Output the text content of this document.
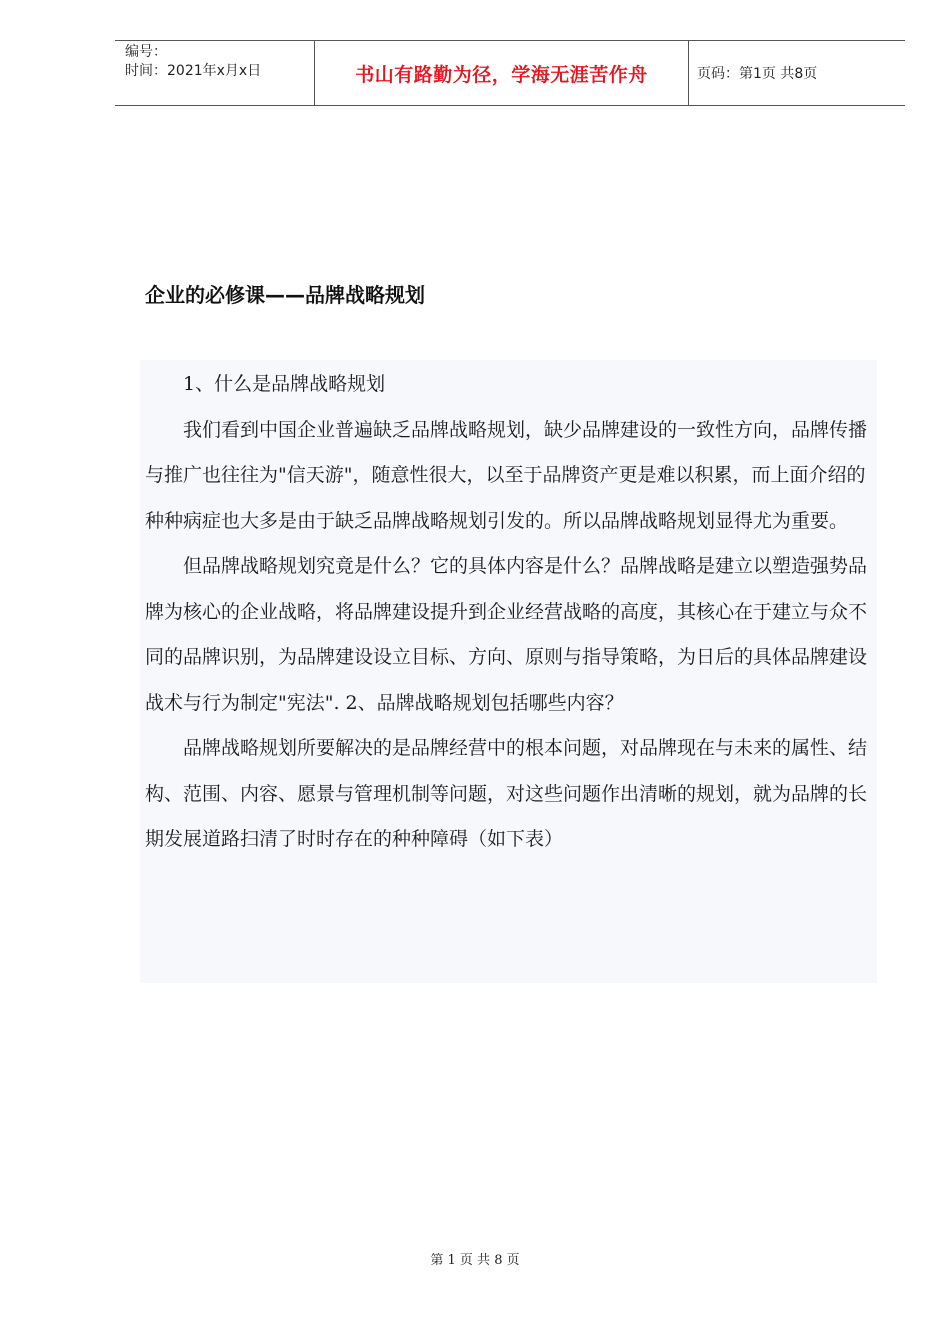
编号：
时间：2021年x月x日	书山有路勤为径，学海无涯苦作舟	页码：第1页 共8页
企业的必修课——品牌战略规划

1、什么是品牌战略规划

我们看到中国企业普遍缺乏品牌战略规划，缺少品牌建设的一致性方向，品牌传播与推广也往往为"信天游"，随意性很大，以至于品牌资产更是难以积累，而上面介绍的种种病症也大多是由于缺乏品牌战略规划引发的。所以品牌战略规划显得尤为重要。

但品牌战略规划究竟是什么？它的具体内容是什么？品牌战略是建立以塑造强势品牌为核心的企业战略，将品牌建设提升到企业经营战略的高度，其核心在于建立与众不同的品牌识别，为品牌建设设立目标、方向、原则与指导策略，为日后的具体品牌建设战术与行为制定"宪法". 2、品牌战略规划包括哪些内容？

品牌战略规划所要解决的是品牌经营中的根本问题，对品牌现在与未来的属性、结构、范围、内容、愿景与管理机制等问题，对这些问题作出清晰的规划，就为品牌的长期发展道路扫清了时时存在的种种障碍（如下表）

第 1 页 共 8 页
